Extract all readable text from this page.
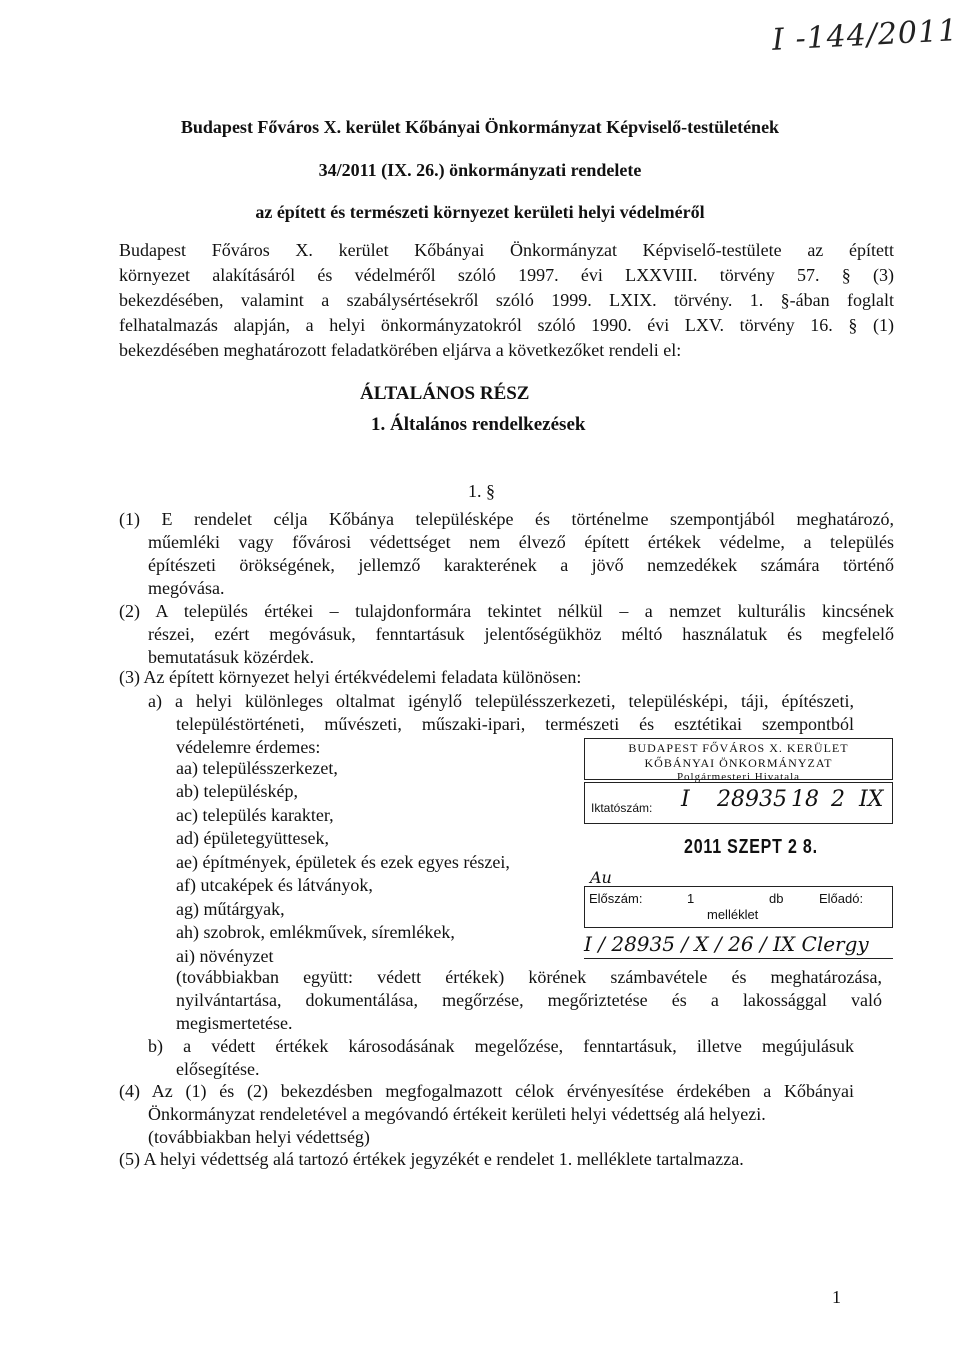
I -144/2011
Budapest Főváros X. kerület Kőbányai Önkormányzat Képviselő-testületének
34/2011 (IX. 26.) önkormányzati rendelete
az épített és természeti környezet kerületi helyi védelméről
Budapest Főváros X. kerület Kőbányai Önkormányzat Képviselő-testülete az épített
környezet alakításáról és védelméről szóló 1997. évi LXXVIII. törvény 57. § (3)
bekezdésében, valamint a szabálysértésekről szóló 1999. LXIX. törvény. 1. §-ában foglalt
felhatalmazás alapján, a helyi önkormányzatokról szóló 1990. évi LXV. törvény 16. § (1)
bekezdésében meghatározott feladatkörében eljárva a következőket rendeli el:
ÁLTALÁNOS RÉSZ
1. Általános rendelkezések
1. §
(1) E rendelet célja Kőbánya településképe és történelme szempontjából meghatározó,
műemléki vagy fővárosi védettséget nem élvező épített értékek védelme, a település
építészeti örökségének, jellemző karakterének a jövő nemzedékek számára történő
megóvása.
(2) A település értékei – tulajdonformára tekintet nélkül – a nemzet kulturális kincsének
részei, ezért megóvásuk, fenntartásuk jelentőségükhöz méltó használatuk és megfelelő
bemutatásuk közérdek.
(3) Az épített környezet helyi értékvédelemi feladata különösen:
a) a helyi különleges oltalmat igénylő településszerkezeti, településképi, táji, építészeti,
településtörténeti, művészeti, műszaki-ipari, természeti és esztétikai szempontból
védelemre érdemes:
aa) településszerkezet,
ab) településkép,
ac) település karakter,
ad) épületegyüttesek,
ae) építmények, épületek és ezek egyes részei,
af) utcaképek és látványok,
ag) műtárgyak,
ah) szobrok, emlékművek, síremlékek,
ai) növényzet
(továbbiakban együtt: védett értékek) körének számbavétele és meghatározása,
nyilvántartása, dokumentálása, megőrzése, megőriztetése és a lakossággal való
megismertetése.
b) a védett értékek károsodásának megelőzése, fenntartásuk, illetve megújulásuk
elősegítése.
(4) Az (1) és (2) bekezdésben megfogalmazott célok érvényesítése érdekében a Kőbányai
Önkormányzat rendeletével a megóvandó értékeit kerületi helyi védettség alá helyezi.
(továbbiakban helyi védettség)
(5) A helyi védettség alá tartozó értékek jegyzékét e rendelet 1. melléklete tartalmazza.
BUDAPEST FŐVÁROS X. KERÜLET
KŐBÁNYAI ÖNKORMÁNYZAT
Polgármesteri Hivatala
Iktatószám: I 28935 18 2 IX
2011 SZEPT 2 8.
Au
Előszám:	1	db
melléklet
Előadó:
I / 28935 / X / 26 / IX Clergy
1
